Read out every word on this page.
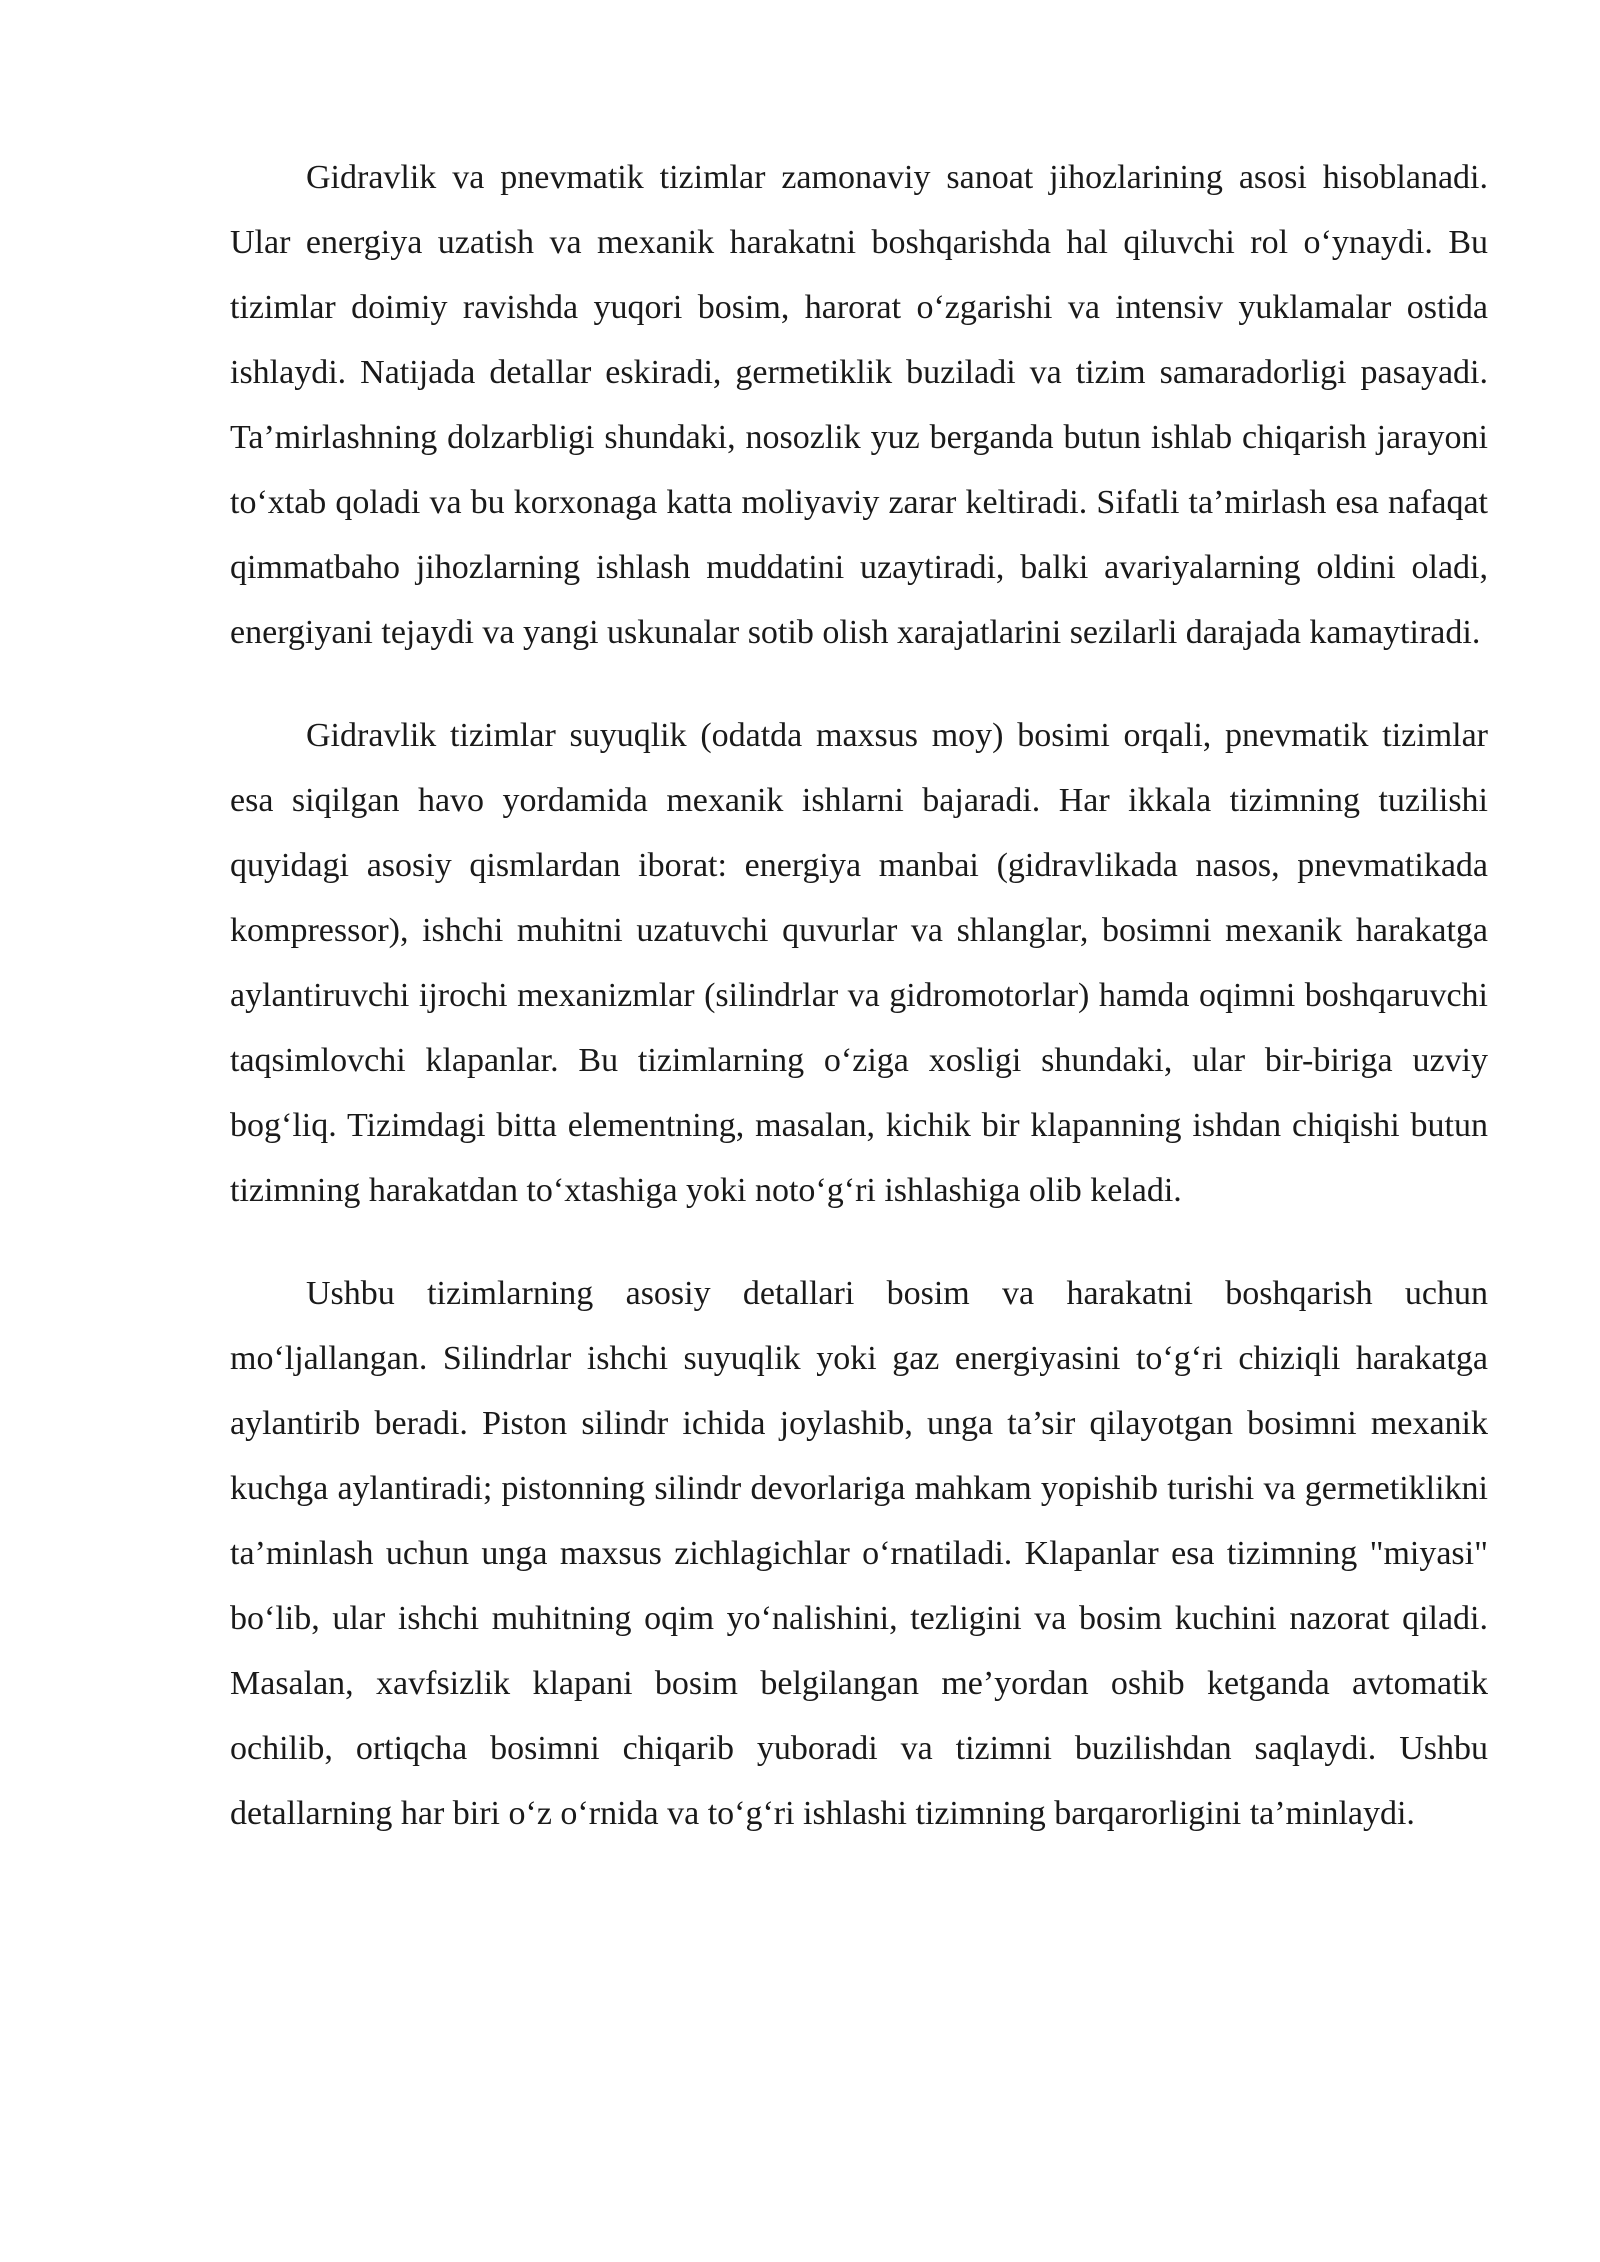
Gidravlik va pnevmatik tizimlar zamonaviy sanoat jihozlarining asosi hisoblanadi. Ular energiya uzatish va mexanik harakatni boshqarishda hal qiluvchi rol o‘ynaydi. Bu tizimlar doimiy ravishda yuqori bosim, harorat o‘zgarishi va intensiv yuklamalar ostida ishlaydi. Natijada detallar eskiradi, germetiklik buziladi va tizim samaradorligi pasayadi. Ta’mirlashning dolzarbligi shundaki, nosozlik yuz berganda butun ishlab chiqarish jarayoni to‘xtab qoladi va bu korxonaga katta moliyaviy zarar keltiradi. Sifatli ta’mirlash esa nafaqat qimmatbaho jihozlarning ishlash muddatini uzaytiradi, balki avariyalarning oldini oladi, energiyani tejaydi va yangi uskunalar sotib olish xarajatlarini sezilarli darajada kamaytiradi.

Gidravlik tizimlar suyuqlik (odatda maxsus moy) bosimi orqali, pnevmatik tizimlar esa siqilgan havo yordamida mexanik ishlarni bajaradi. Har ikkala tizimning tuzilishi quyidagi asosiy qismlardan iborat: energiya manbai (gidravlikada nasos, pnevmatikada kompressor), ishchi muhitni uzatuvchi quvurlar va shlanglar, bosimni mexanik harakatga aylantiruvchi ijrochi mexanizmlar (silindrlar va gidromotorlar) hamda oqimni boshqaruvchi taqsimlovchi klapanlar. Bu tizimlarning o‘ziga xosligi shundaki, ular bir-biriga uzviy bog‘liq. Tizimdagi bitta elementning, masalan, kichik bir klapanning ishdan chiqishi butun tizimning harakatdan to‘xtashiga yoki noto‘g‘ri ishlashiga olib keladi.

Ushbu tizimlarning asosiy detallari bosim va harakatni boshqarish uchun mo‘ljallangan. Silindrlar ishchi suyuqlik yoki gaz energiyasini to‘g‘ri chiziqli harakatga aylantirib beradi. Piston silindr ichida joylashib, unga ta’sir qilayotgan bosimni mexanik kuchga aylantiradi; pistonning silindr devorlariga mahkam yopishib turishi va germetiklikni ta’minlash uchun unga maxsus zichlagichlar o‘rnatiladi. Klapanlar esa tizimning "miyasi" bo‘lib, ular ishchi muhitning oqim yo‘nalishini, tezligini va bosim kuchini nazorat qiladi. Masalan, xavfsizlik klapani bosim belgilangan me’yordan oshib ketganda avtomatik ochilib, ortiqcha bosimni chiqarib yuboradi va tizimni buzilishdan saqlaydi. Ushbu detallarning har biri o‘z o‘rnida va to‘g‘ri ishlashi tizimning barqarorligini ta’minlaydi.
